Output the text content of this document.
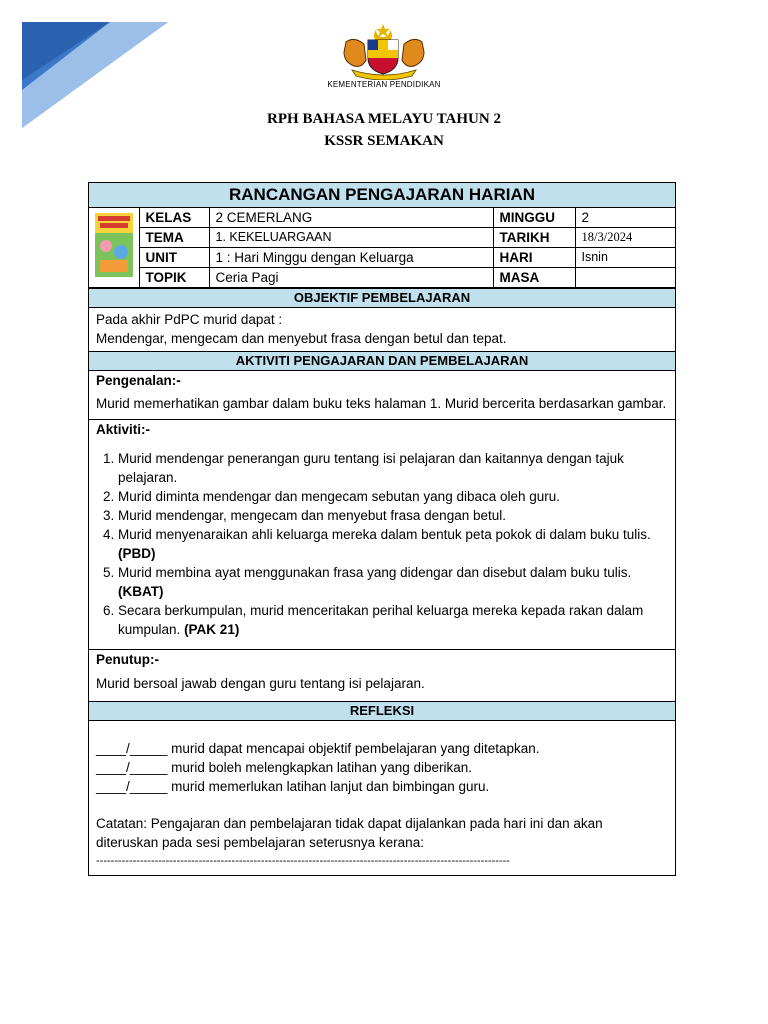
KEMENTERIAN PENDIDIKAN
RPH BAHASA MELAYU TAHUN 2
KSSR SEMAKAN
RANCANGAN PENGAJARAN HARIAN
	KELAS	2 CEMERLANG	MINGGU	2
	TEMA	1. KEKELUARGAAN	TARIKH	18/3/2024
	UNIT	1 : Hari Minggu dengan Keluarga	HARI	Isnin
	TOPIK	Ceria Pagi	MASA	
OBJEKTIF PEMBELAJARAN

Pada akhir PdPC murid dapat :

Mendengar, mengecam dan menyebut frasa dengan betul dan tepat.

AKTIVITI PENGAJARAN DAN PEMBELAJARAN

Pengenalan:-

Murid memerhatikan gambar dalam buku teks halaman 1. Murid bercerita berdasarkan gambar.

Aktiviti:-

1. Murid mendengar penerangan guru tentang isi pelajaran dan kaitannya dengan tajuk pelajaran.
2. Murid diminta mendengar dan mengecam sebutan yang dibaca oleh guru.
3. Murid mendengar, mengecam dan menyebut frasa dengan betul.
4. Murid menyenaraikan ahli keluarga mereka dalam bentuk peta pokok di dalam buku tulis.
(PBD)
5. Murid membina ayat menggunakan frasa yang didengar dan disebut dalam buku tulis.
(KBAT)
6. Secara berkumpulan, murid menceritakan perihal keluarga mereka kepada rakan dalam kumpulan. (PAK 21)

Penutup:-

Murid bersoal jawab dengan guru tentang isi pelajaran.

REFLEKSI

____/_____ murid dapat mencapai objektif pembelajaran yang ditetapkan.

____/_____ murid boleh melengkapkan latihan yang diberikan.

____/_____ murid memerlukan latihan lanjut dan bimbingan guru.

Catatan: Pengajaran dan pembelajaran tidak dapat dijalankan pada hari ini dan akan diteruskan pada sesi pembelajaran seterusnya kerana:

-----------------------------------------------------------------------------------------------------------------
